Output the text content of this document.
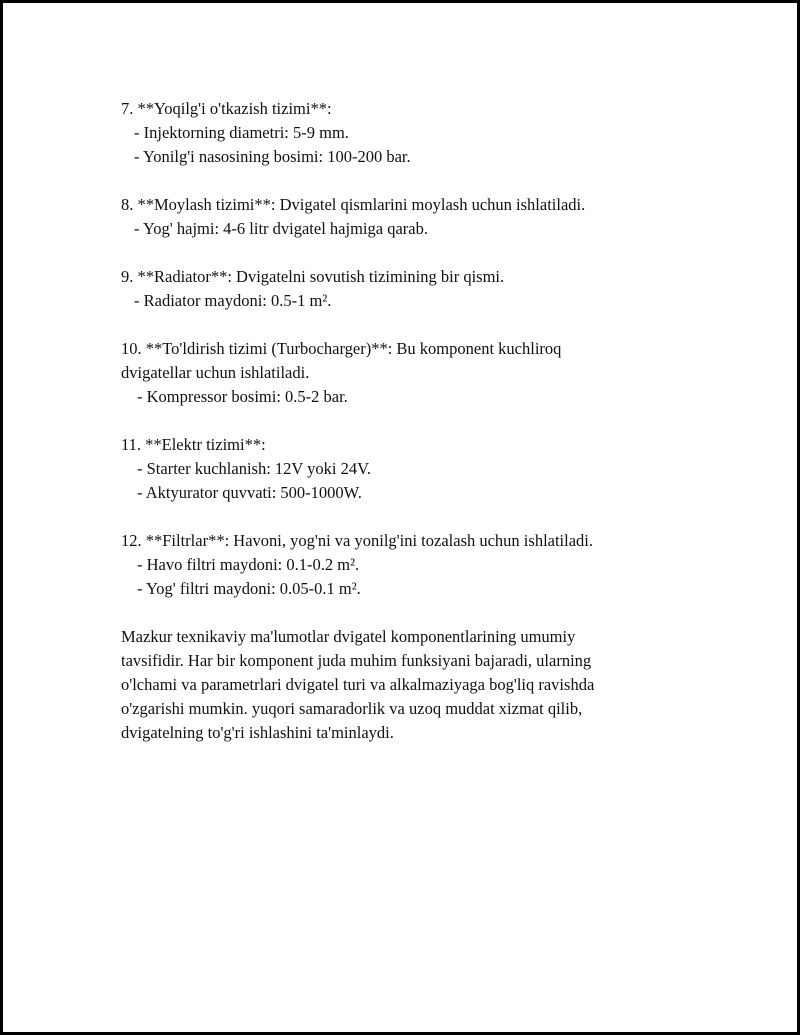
7. **Yoqilg'i o'tkazish tizimi**:

- Injektorning diametri: 5-9 mm.

- Yonilg'i nasosining bosimi: 100-200 bar.

8. **Moylash tizimi**: Dvigatel qismlarini moylash uchun ishlatiladi.

- Yog' hajmi: 4-6 litr dvigatel hajmiga qarab.

9. **Radiator**: Dvigatelni sovutish tizimining bir qismi.

- Radiator maydoni: 0.5-1 m².

10. **To'ldirish tizimi (Turbocharger)**: Bu komponent kuchliroq

dvigatellar uchun ishlatiladi.

- Kompressor bosimi: 0.5-2 bar.

11. **Elektr tizimi**:

- Starter kuchlanish: 12V yoki 24V.

- Aktyurator quvvati: 500-1000W.

12. **Filtrlar**: Havoni, yog'ni va yonilg'ini tozalash uchun ishlatiladi.

- Havo filtri maydoni: 0.1-0.2 m².

- Yog' filtri maydoni: 0.05-0.1 m².

Mazkur texnikaviy ma'lumotlar dvigatel komponentlarining umumiy

tavsifidir. Har bir komponent juda muhim funksiyani bajaradi, ularning

o'lchami va parametrlari dvigatel turi va alkalmaziyaga bog'liq ravishda

o'zgarishi mumkin. yuqori samaradorlik va uzoq muddat xizmat qilib,

dvigatelning to'g'ri ishlashini ta'minlaydi.
